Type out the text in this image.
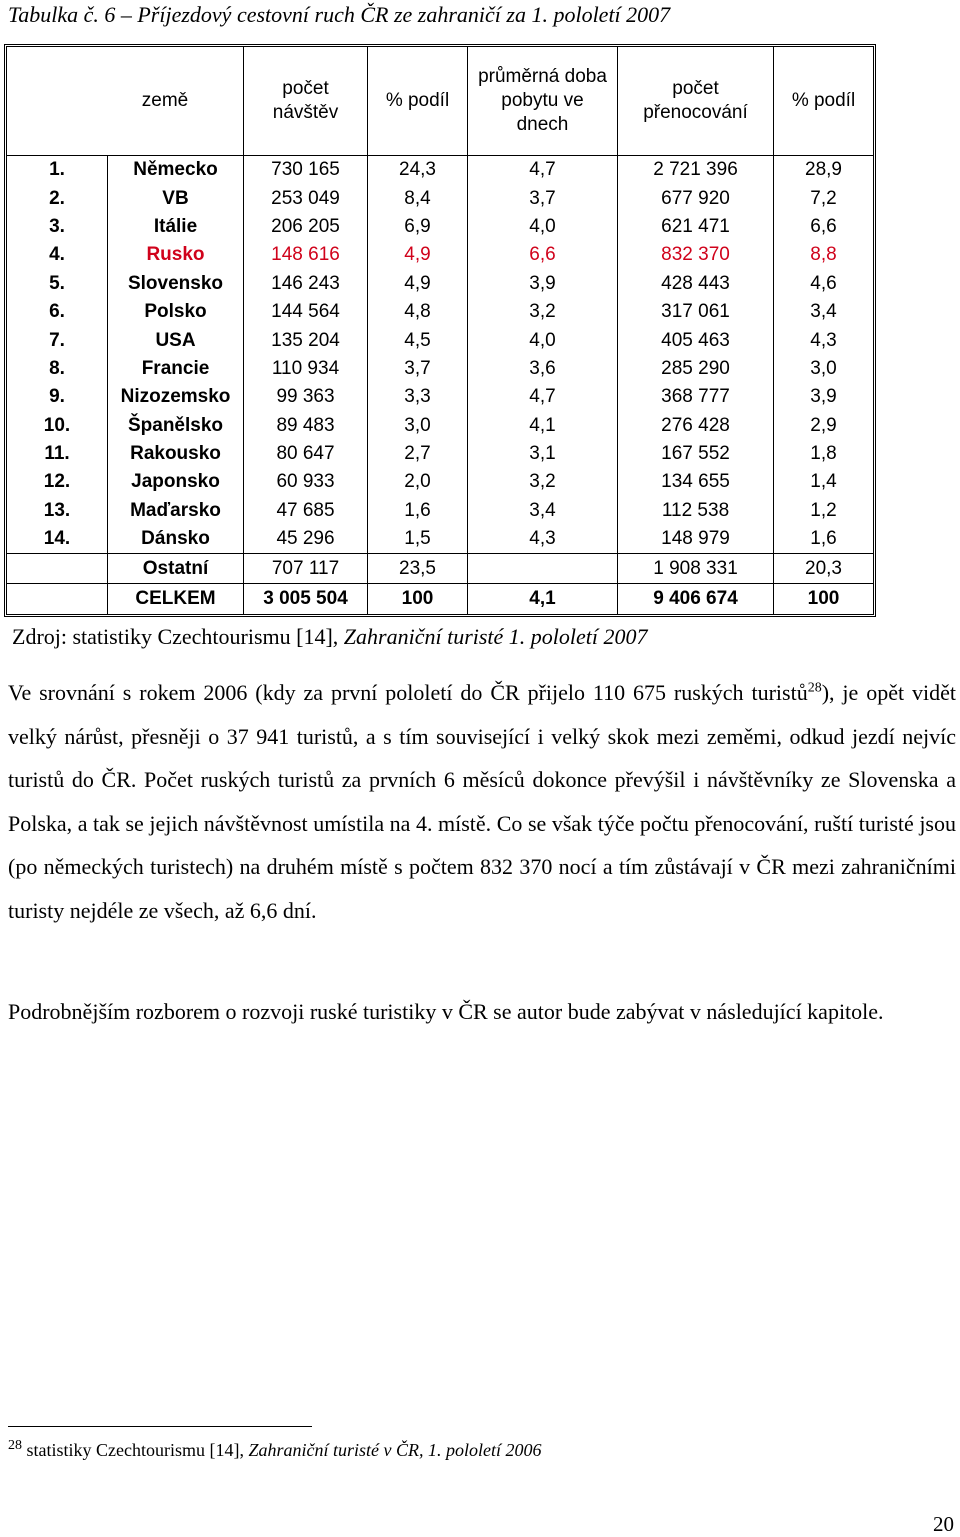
Tabulka č. 6 – Příjezdový cestovní ruch ČR ze zahraničí za 1. pololetí 2007
země		počet návštěv	% podíl	průměrná doba pobytu ve dnech	počet přenocování	% podíl
1.	Německo	730 165	24,3	4,7	2 721 396	28,9
2.	VB	253 049	8,4	3,7	677 920	7,2
3.	Itálie	206 205	6,9	4,0	621 471	6,6
4.	Rusko	148 616	4,9	6,6	832 370	8,8
5.	Slovensko	146 243	4,9	3,9	428 443	4,6
6.	Polsko	144 564	4,8	3,2	317 061	3,4
7.	USA	135 204	4,5	4,0	405 463	4,3
8.	Francie	110 934	3,7	3,6	285 290	3,0
9.	Nizozemsko	99 363	3,3	4,7	368 777	3,9
10.	Španělsko	89 483	3,0	4,1	276 428	2,9
11.	Rakousko	80 647	2,7	3,1	167 552	1,8
12.	Japonsko	60 933	2,0	3,2	134 655	1,4
13.	Maďarsko	47 685	1,6	3,4	112 538	1,2
14.	Dánsko	45 296	1,5	4,3	148 979	1,6
	Ostatní	707 117	23,5		1 908 331	20,3
	CELKEM	3 005 504	100	4,1	9 406 674	100
Zdroj: statistiky Czechtourismu [14], Zahraniční turisté 1. pololetí 2007

Ve srovnání s rokem 2006 (kdy za první pololetí do ČR přijelo 110 675 ruských turistů$^{28}$), je opět vidět velký nárůst, přesněji o 37 941 turistů, a s tím související i velký skok mezi zeměmi, odkud jezdí nejvíc turistů do ČR. Počet ruských turistů za prvních 6 měsíců dokonce převýšil i návštěvníky ze Slovenska a Polska, a tak se jejich návštěvnost umístila na 4. místě. Co se však týče počtu přenocování, ruští turisté jsou (po německých turistech) na druhém místě s počtem 832 370 nocí a tím zůstávají v ČR mezi zahraničními turisty nejdéle ze všech, až 6,6 dní.

Podrobnějším rozborem o rozvoji ruské turistiky v ČR se autor bude zabývat v následující kapitole.

$^{28}$ statistiky Czechtourismu [14], Zahraniční turisté v ČR, 1. pololetí 2006
20
